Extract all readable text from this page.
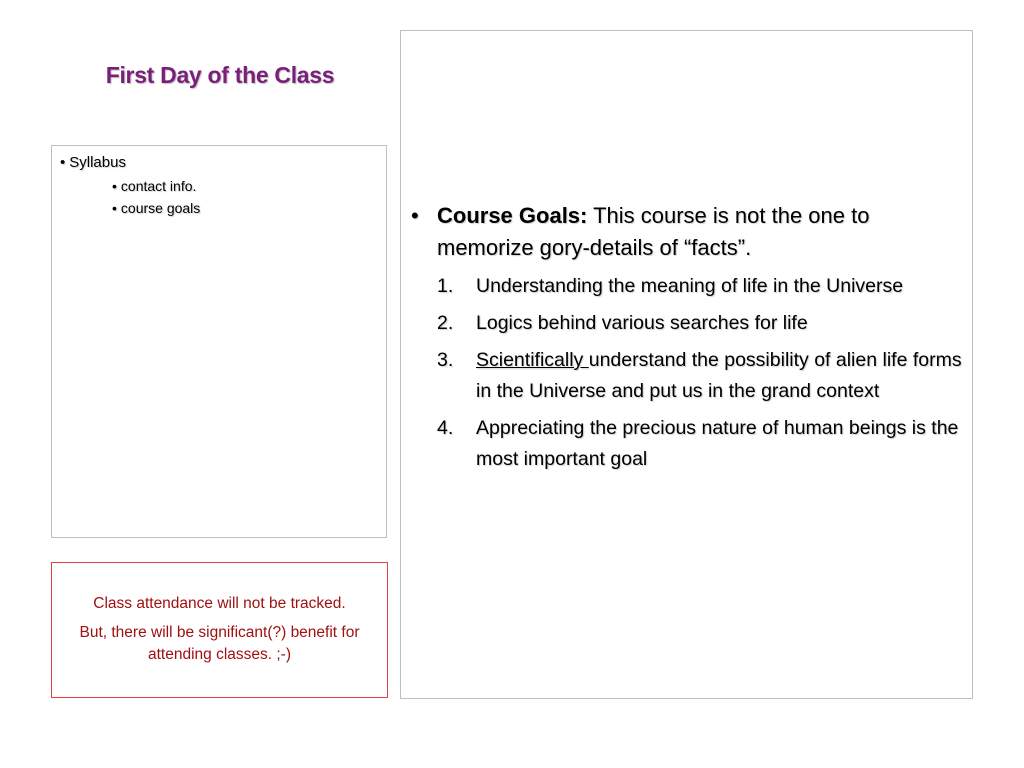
First Day of the Class
• Syllabus
• contact info.
• course goals

Class attendance will not be tracked.

But, there will be significant(?) benefit for attending classes. ;-)

• Course Goals: This course is not the one to memorize gory-details of “facts”.
1. Understanding the meaning of life in the Universe
2. Logics behind various searches for life
3. Scientifically understand the possibility of alien life forms in the Universe and put us in the grand context
4. Appreciating the precious nature of human beings is the most important goal
